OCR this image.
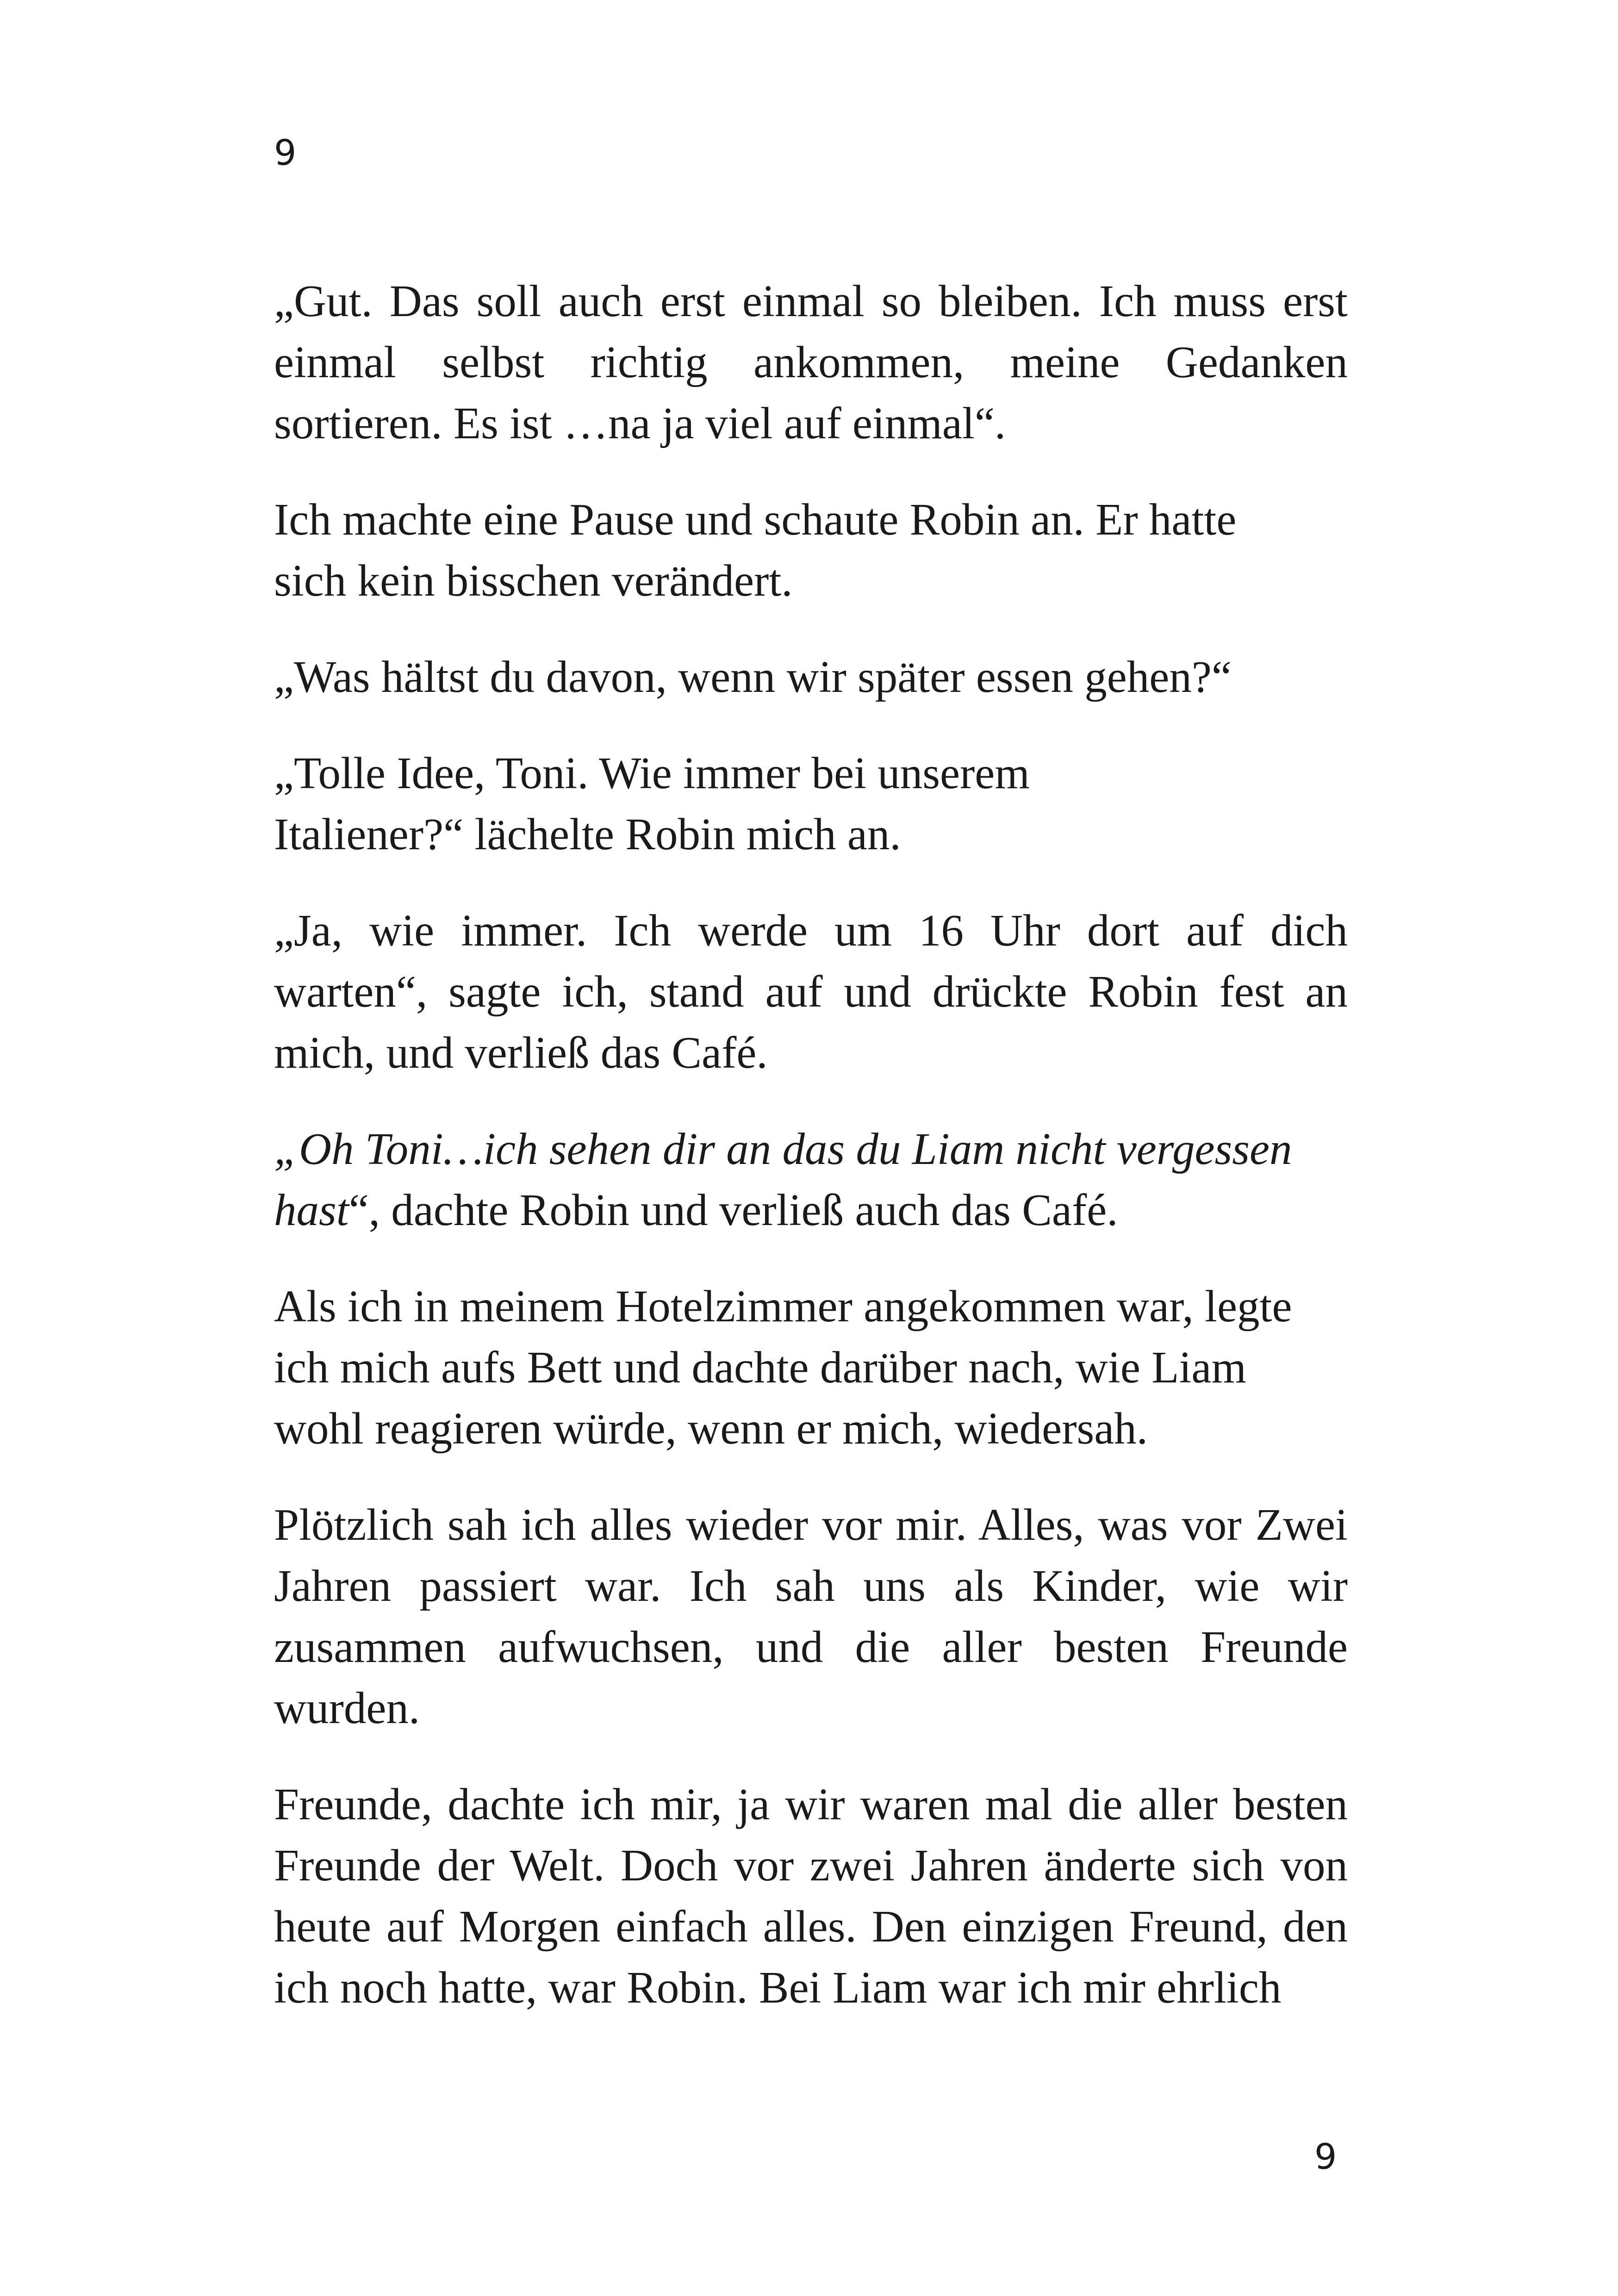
9

„Gut. Das soll auch erst einmal so bleiben. Ich muss erst einmal selbst richtig ankommen, meine Gedanken sortieren. Es ist …na ja viel auf einmal“.

Ich machte eine Pause und schaute Robin an. Er hatte
sich kein bisschen verändert.

„Was hältst du davon, wenn wir später essen gehen?“

„Tolle Idee, Toni. Wie immer bei unserem
Italiener?“ lächelte Robin mich an.

„Ja, wie immer. Ich werde um 16 Uhr dort auf dich warten“, sagte ich, stand auf und drückte Robin fest an mich, und verließ das Café.

„Oh Toni…ich sehen dir an das du Liam nicht vergessen
hast“, dachte Robin und verließ auch das Café.

Als ich in meinem Hotelzimmer angekommen war, legte
ich mich aufs Bett und dachte darüber nach, wie Liam
wohl reagieren würde, wenn er mich, wiedersah.

Plötzlich sah ich alles wieder vor mir. Alles, was vor Zwei Jahren passiert war. Ich sah uns als Kinder, wie wir zusammen aufwuchsen, und die aller besten Freunde wurden.

Freunde, dachte ich mir, ja wir waren mal die aller besten Freunde der Welt. Doch vor zwei Jahren änderte sich von heute auf Morgen einfach alles. Den einzigen Freund, den ich noch hatte, war Robin. Bei Liam war ich mir ehrlich

9
